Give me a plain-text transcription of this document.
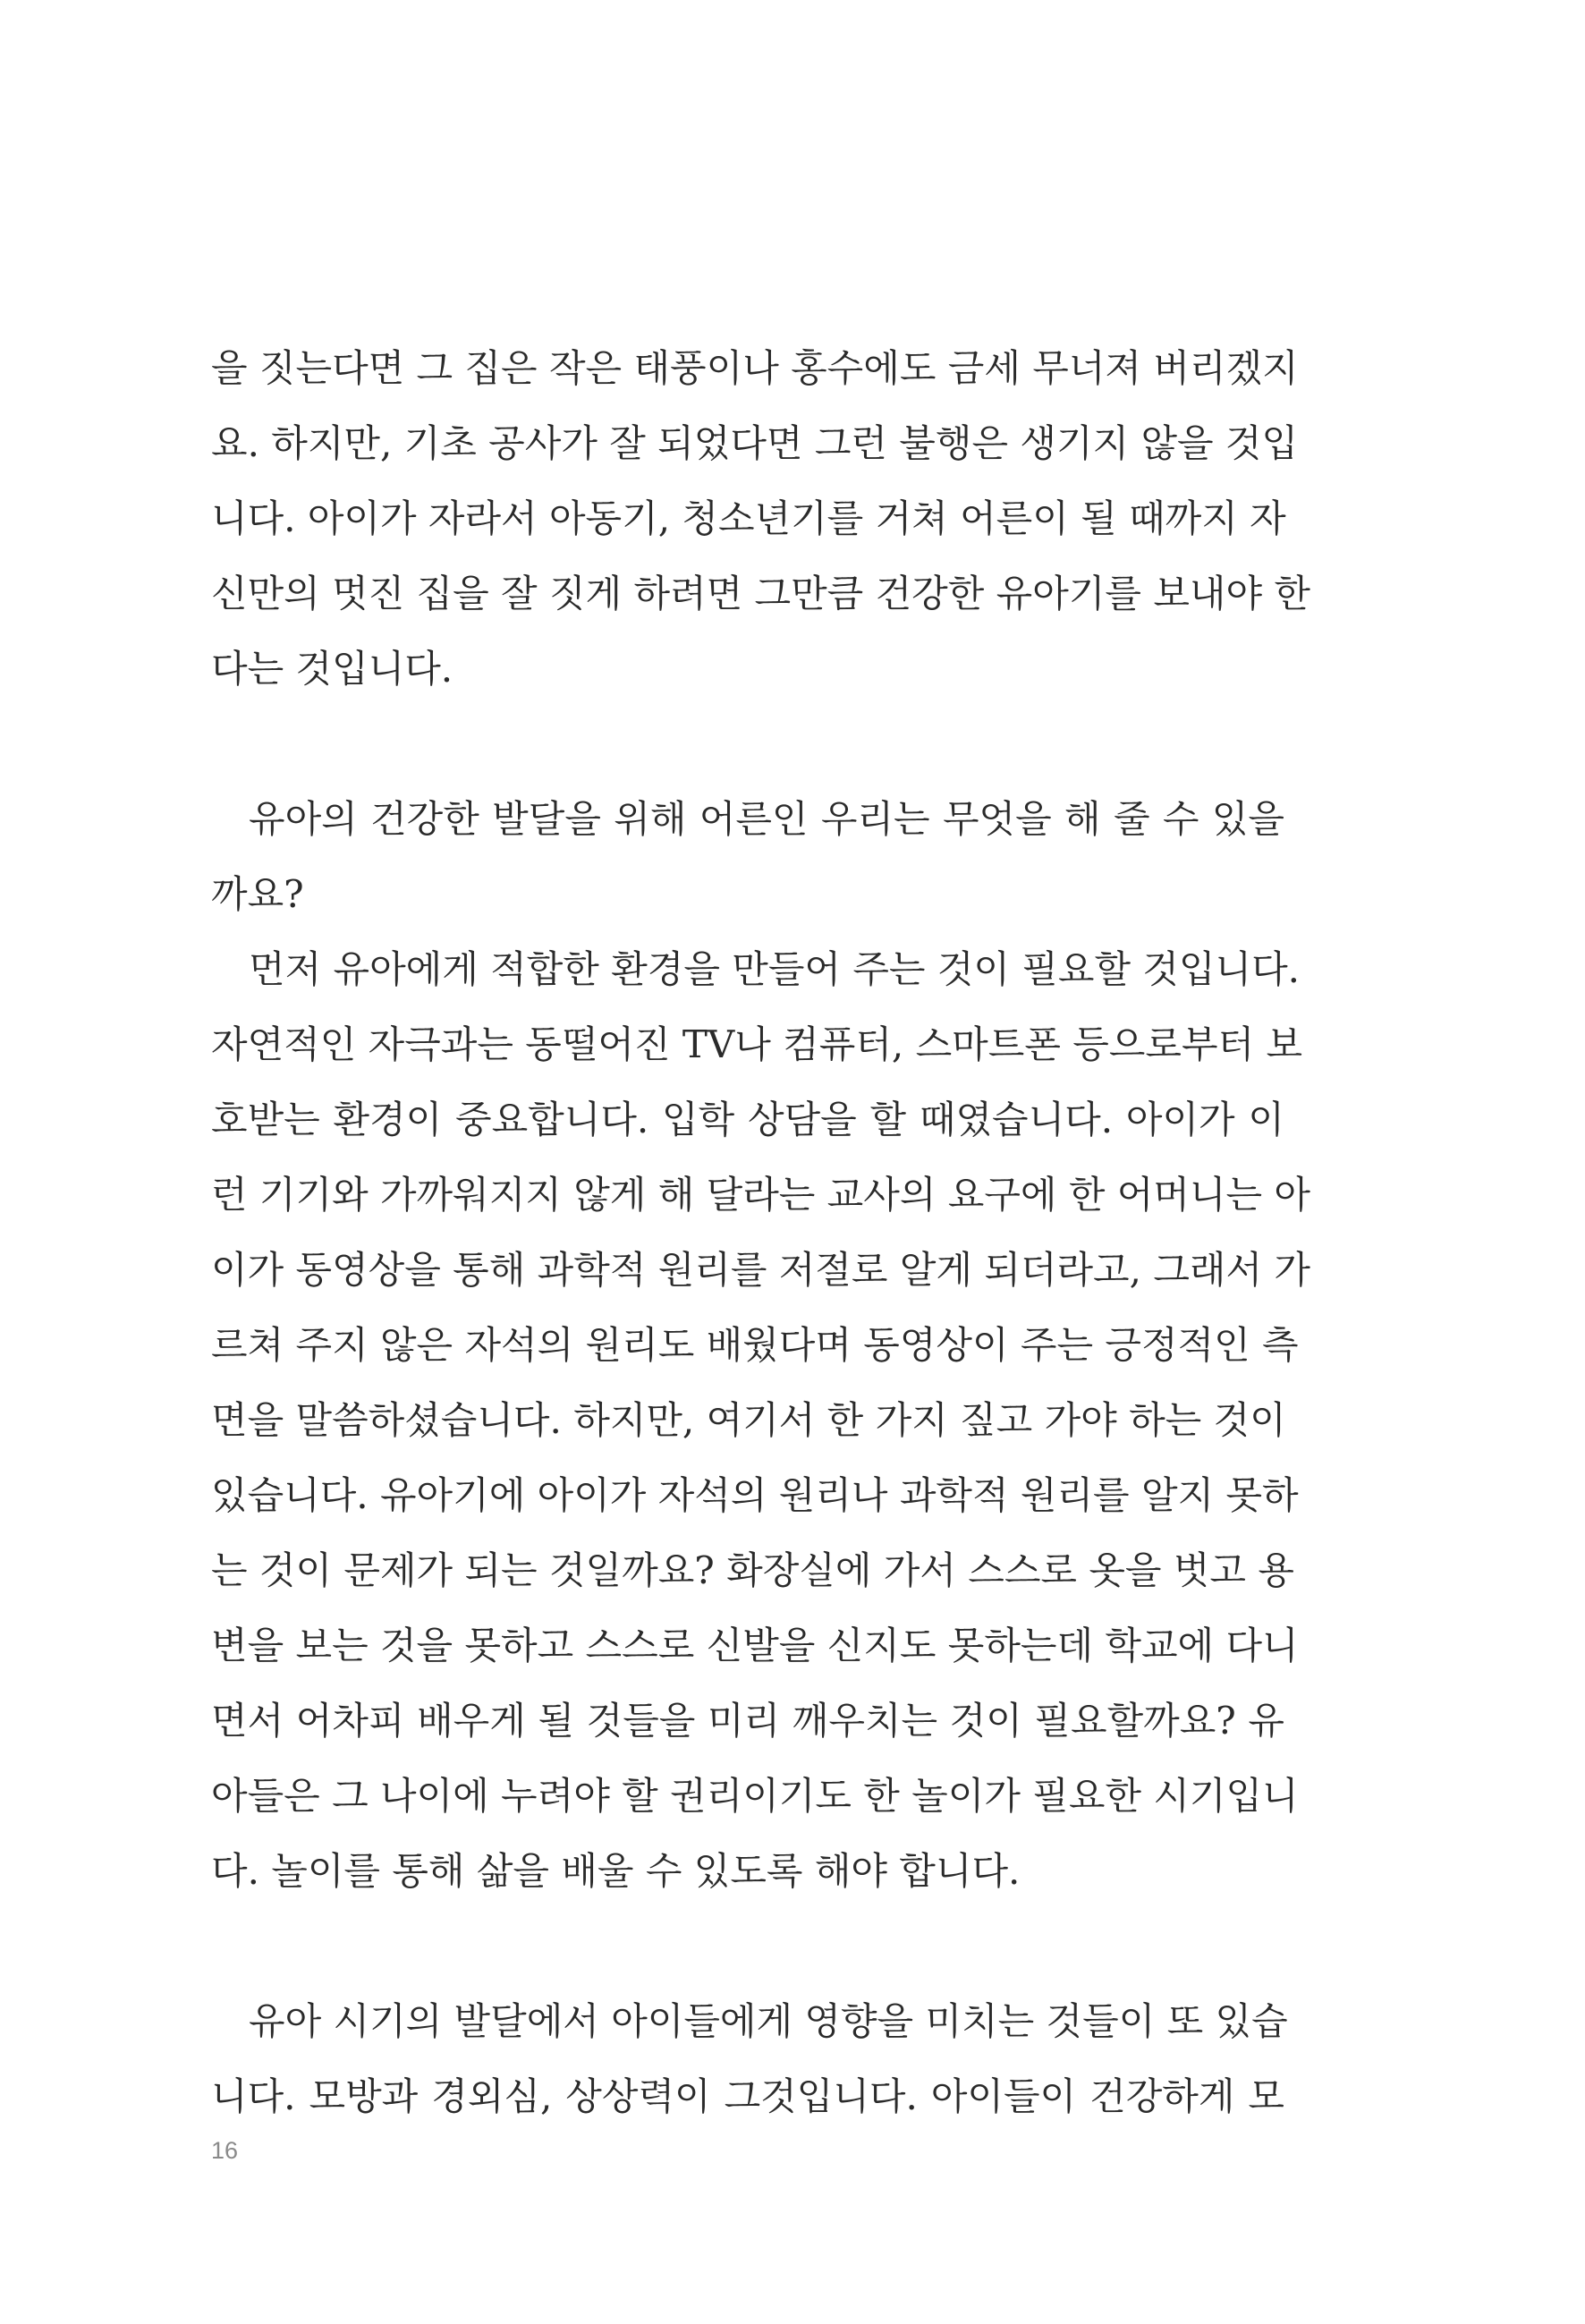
을 짓는다면 그 집은 작은 태풍이나 홍수에도 금세 무너져 버리겠지
요. 하지만, 기초 공사가 잘 되었다면 그런 불행은 생기지 않을 것입
니다. 아이가 자라서 아동기, 청소년기를 거쳐 어른이 될 때까지 자
신만의 멋진 집을 잘 짓게 하려면 그만큼 건강한 유아기를 보내야 한
다는 것입니다.
유아의 건강한 발달을 위해 어른인 우리는 무엇을 해 줄 수 있을
까요?
먼저 유아에게 적합한 환경을 만들어 주는 것이 필요할 것입니다.
자연적인 자극과는 동떨어진 TV나 컴퓨터, 스마트폰 등으로부터 보
호받는 환경이 중요합니다. 입학 상담을 할 때였습니다. 아이가 이
런 기기와 가까워지지 않게 해 달라는 교사의 요구에 한 어머니는 아
이가 동영상을 통해 과학적 원리를 저절로 알게 되더라고, 그래서 가
르쳐 주지 않은 자석의 원리도 배웠다며 동영상이 주는 긍정적인 측
면을 말씀하셨습니다. 하지만, 여기서 한 가지 짚고 가야 하는 것이
있습니다. 유아기에 아이가 자석의 원리나 과학적 원리를 알지 못하
는 것이 문제가 되는 것일까요? 화장실에 가서 스스로 옷을 벗고 용
변을 보는 것을 못하고 스스로 신발을 신지도 못하는데 학교에 다니
면서 어차피 배우게 될 것들을 미리 깨우치는 것이 필요할까요? 유
아들은 그 나이에 누려야 할 권리이기도 한 놀이가 필요한 시기입니
다. 놀이를 통해 삶을 배울 수 있도록 해야 합니다.
유아 시기의 발달에서 아이들에게 영향을 미치는 것들이 또 있습
니다. 모방과 경외심, 상상력이 그것입니다. 아이들이 건강하게 모
16
